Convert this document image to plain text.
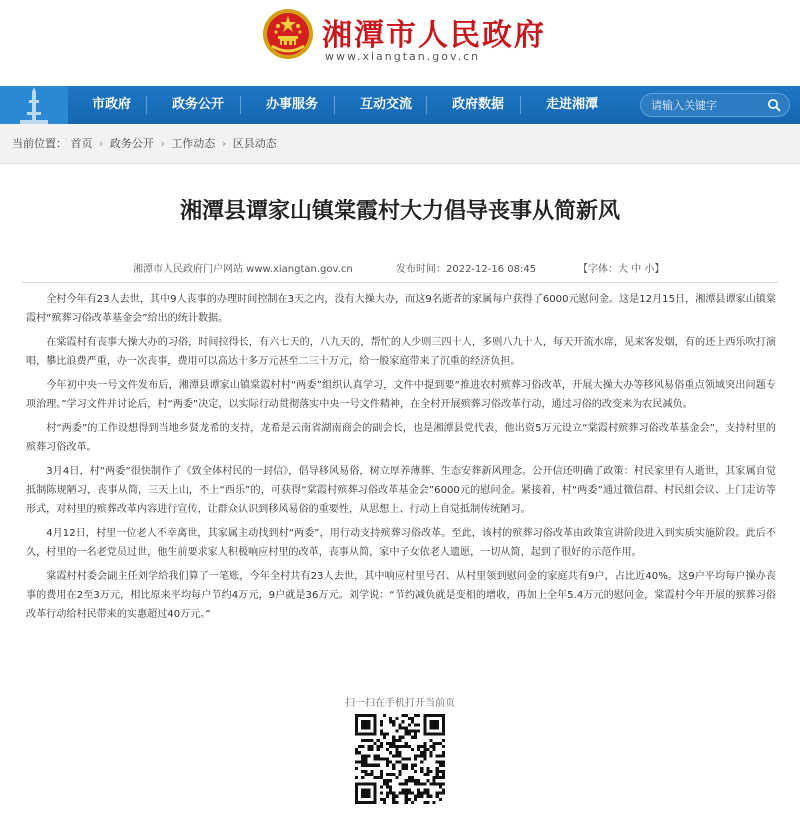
湘潭市人民政府
www.xiangtan.gov.cn
市政府	政务公开	办事服务	互动交流	政府数据	走进湘潭
请输入关键字
当前位置： 首页 › 政务公开 › 工作动态 › 区县动态
湘潭县谭家山镇棠霞村大力倡导丧事从简新风
湘潭市人民政府门户网站 www.xiangtan.gov.cn	发布时间：2022-12-16 08:45	【字体：大 中 小】

全村今年有23人去世，其中9人丧事的办理时间控制在3天之内，没有大操大办，而这9名逝者的家属每户获得了6000元慰问金。这是12月15日，湘潭县谭家山镇棠霞村“殡葬习俗改革基金会”给出的统计数据。

在棠霞村有丧事大操大办的习俗，时间拉得长，有六七天的，八九天的，帮忙的人少则三四十人，多则八九十人，每天开流水席，见来客发烟，有的还上西乐吹打演唱，攀比浪费严重，办一次丧事，费用可以高达十多万元甚至二三十万元，给一般家庭带来了沉重的经济负担。

今年初中央一号文件发布后，湘潭县谭家山镇棠霞村村“两委”组织认真学习，文件中提到要“推进农村殡葬习俗改革，开展大操大办等移风易俗重点领域突出问题专项治理。”学习文件并讨论后，村“两委”决定，以实际行动贯彻落实中央一号文件精神，在全村开展殡葬习俗改革行动，通过习俗的改变来为农民减负。

村“两委”的工作设想得到当地乡贤龙希的支持，龙希是云南省湖南商会的副会长，也是湘潭县党代表，他出资5万元设立“棠霞村殡葬习俗改革基金会”，支持村里的殡葬习俗改革。

3月4日，村“两委”很快制作了《致全体村民的一封信》，倡导移风易俗，树立厚养薄葬、生态安葬新风理念。公开信还明确了政策：村民家里有人逝世，其家属自觉抵制陈规陋习，丧事从简，三天上山，不上“西乐”的，可获得“棠霞村殡葬习俗改革基金会”6000元的慰问金。紧接着，村“两委”通过微信群、村民组会议、上门走访等形式，对村里的殡葬改革内容进行宣传，让群众认识到移风易俗的重要性，从思想上、行动上自觉抵制传统陋习。

4月12日，村里一位老人不幸离世，其家属主动找到村“两委”，用行动支持殡葬习俗改革。至此，该村的殡葬习俗改革由政策宣讲阶段进入到实质实施阶段。此后不久，村里的一名老党员过世，他生前要求家人积极响应村里的改革，丧事从简，家中子女依老人遗愿，一切从简，起到了很好的示范作用。

棠霞村村委会副主任刘学给我们算了一笔账，今年全村共有23人去世，其中响应村里号召、从村里领到慰问金的家庭共有9户，占比近40%。这9户平均每户操办丧事的费用在2至3万元，相比原来平均每户节约4万元，9户就是36万元。刘学说：“节约减负就是变相的增收，再加上全年5.4万元的慰问金，棠霞村今年开展的殡葬习俗改革行动给村民带来的实惠超过40万元。”

扫一扫在手机打开当前页
